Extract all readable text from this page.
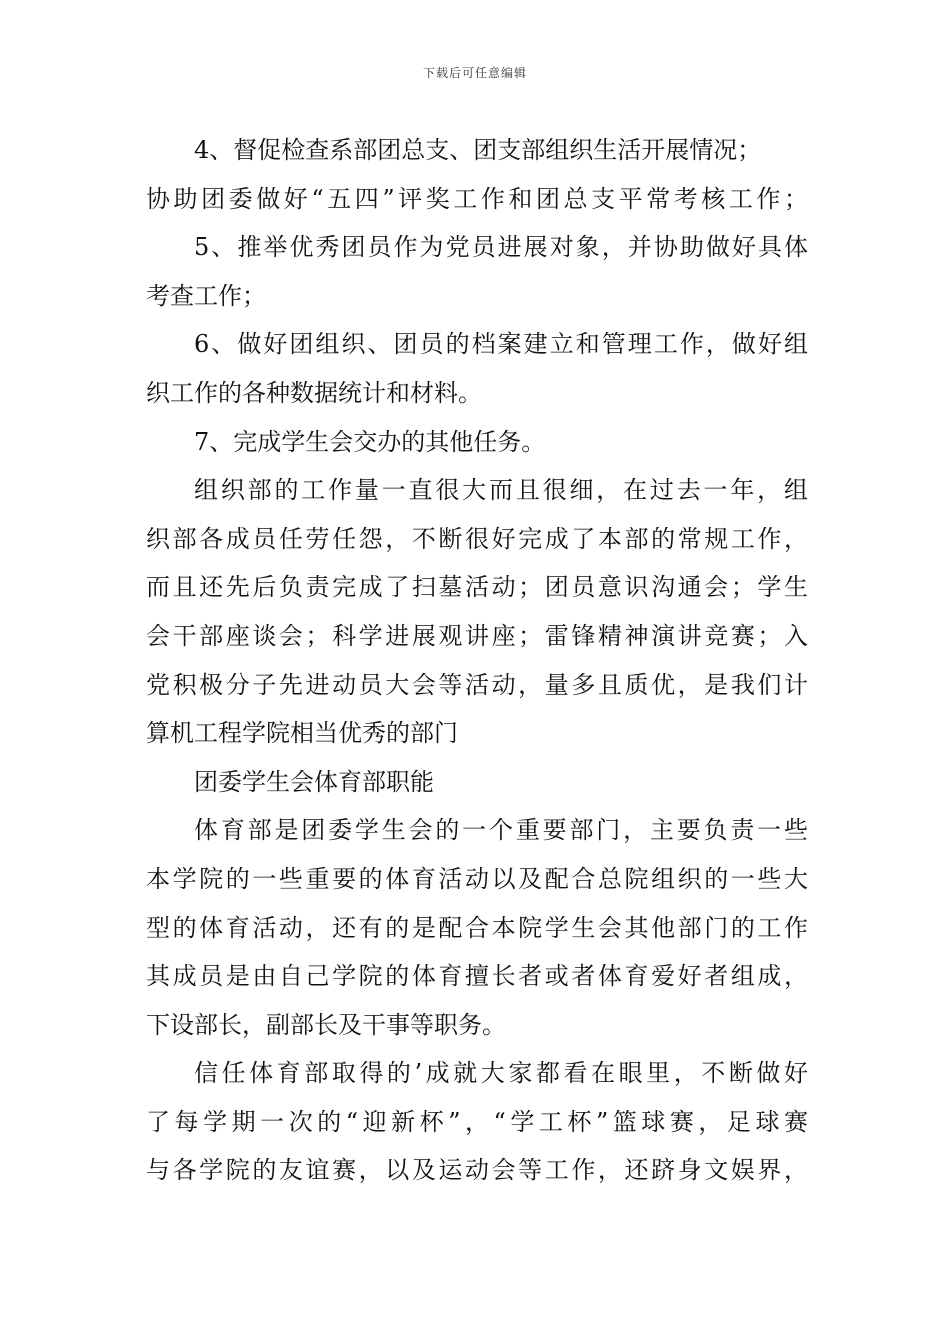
下载后可任意编辑
4、督促检查系部团总支、团支部组织生活开展情况；
协助团委做好“五四”评奖工作和团总支平常考核工作；
5、推举优秀团员作为党员进展对象，并协助做好具体
考查工作；
6、做好团组织、团员的档案建立和管理工作，做好组
织工作的各种数据统计和材料。
7、完成学生会交办的其他任务。
组织部的工作量一直很大而且很细，在过去一年，组
织部各成员任劳任怨，不断很好完成了本部的常规工作，
而且还先后负责完成了扫墓活动；团员意识沟通会；学生
会干部座谈会；科学进展观讲座；雷锋精神演讲竞赛；入
党积极分子先进动员大会等活动，量多且质优，是我们计
算机工程学院相当优秀的部门
团委学生会体育部职能
体育部是团委学生会的一个重要部门，主要负责一些
本学院的一些重要的体育活动以及配合总院组织的一些大
型的体育活动，还有的是配合本院学生会其他部门的工作
其成员是由自己学院的体育擅长者或者体育爱好者组成，
下设部长，副部长及干事等职务。
信任体育部取得的’成就大家都看在眼里，不断做好
了每学期一次的“迎新杯”，“学工杯”篮球赛，足球赛
与各学院的友谊赛，以及运动会等工作，还跻身文娱界，
